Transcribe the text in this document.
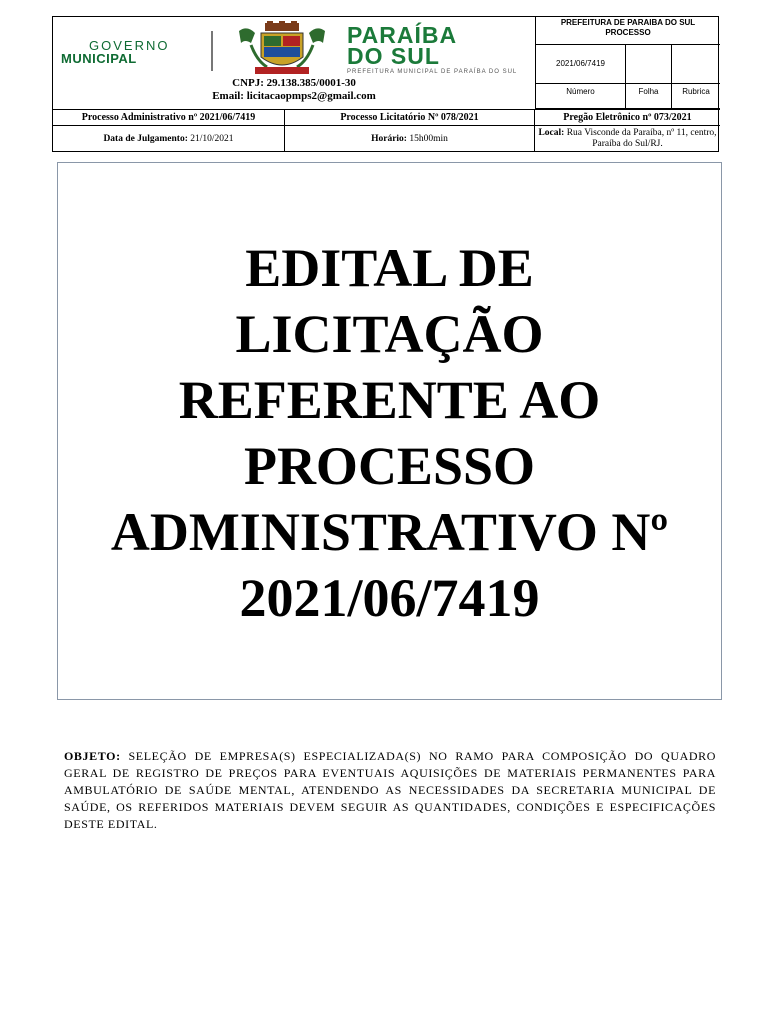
GOVERNO
MUNICIPAL
PARAÍBA
DO SUL
PREFEITURA MUNICIPAL DE PARAÍBA DO SUL
CNPJ: 29.138.385/0001-30
Email: licitacaopmps2@gmail.com
PREFEITURA DE PARAIBA DO SUL
PROCESSO
2021/06/7419
Número	Folha	Rubrica
Processo Administrativo nº 2021/06/7419	Processo Licitatório Nº 078/2021	Pregão Eletrônico nº 073/2021
Data de Julgamento: 21/10/2021	Horário: 15h00min
Local: Rua Visconde da Paraíba, nº 11, centro, Paraíba do Sul/RJ.
EDITAL DE
LICITAÇÃO
REFERENTE AO
PROCESSO
ADMINISTRATIVO Nº
2021/06/7419
OBJETO: SELEÇÃO DE EMPRESA(S) ESPECIALIZADA(S) NO RAMO PARA COMPOSIÇÃO DO QUADRO GERAL DE REGISTRO DE PREÇOS PARA EVENTUAIS AQUISIÇÕES DE MATERIAIS PERMANENTES PARA AMBULATÓRIO DE SAÚDE MENTAL, ATENDENDO AS NECESSIDADES DA SECRETARIA MUNICIPAL DE SAÚDE, OS REFERIDOS MATERIAIS DEVEM SEGUIR AS QUANTIDADES, CONDIÇÕES E ESPECIFICAÇÕES DESTE EDITAL.
